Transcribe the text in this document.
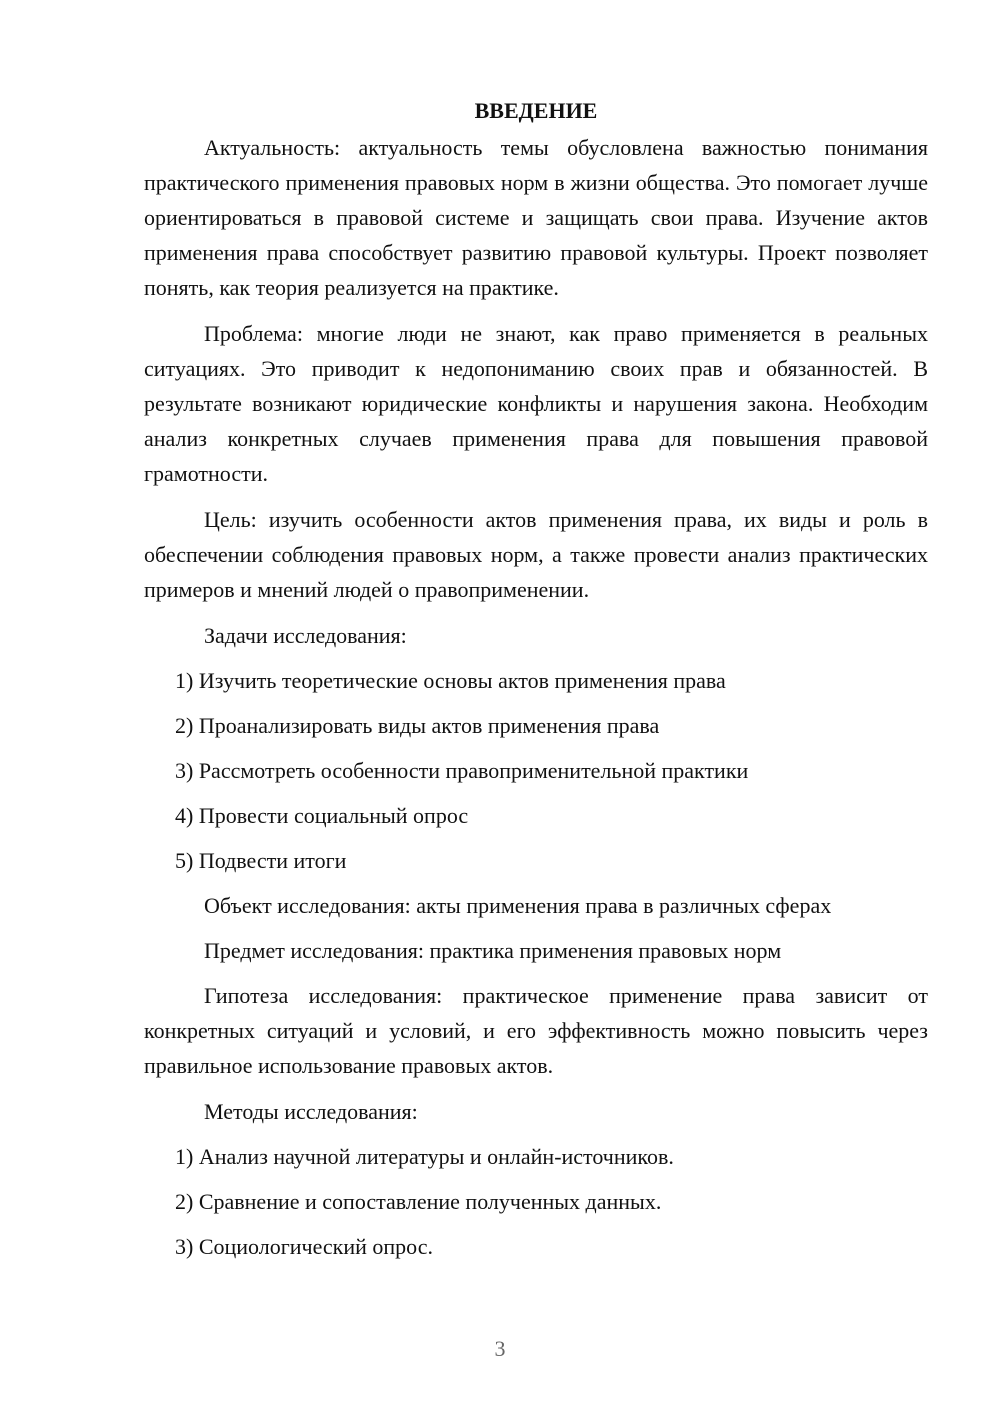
ВВЕДЕНИЕ

Актуальность: актуальность темы обусловлена важностью понимания практического применения правовых норм в жизни общества. Это помогает лучше ориентироваться в правовой системе и защищать свои права. Изучение актов применения права способствует развитию правовой культуры. Проект позволяет понять, как теория реализуется на практике.

Проблема: многие люди не знают, как право применяется в реальных ситуациях. Это приводит к недопониманию своих прав и обязанностей. В результате возникают юридические конфликты и нарушения закона. Необходим анализ конкретных случаев применения права для повышения правовой грамотности.

Цель: изучить особенности актов применения права, их виды и роль в обеспечении соблюдения правовых норм, а также провести анализ практических примеров и мнений людей о правоприменении.

Задачи исследования:
1) Изучить теоретические основы актов применения права
2) Проанализировать виды актов применения права
3) Рассмотреть особенности правоприменительной практики
4) Провести социальный опрос
5) Подвести итоги
Объект исследования: акты применения права в различных сферах
Предмет исследования: практика применения правовых норм

Гипотеза исследования: практическое применение права зависит от конкретных ситуаций и условий, и его эффективность можно повысить через правильное использование правовых актов.

Методы исследования:
1) Анализ научной литературы и онлайн-источников.
2) Сравнение и сопоставление полученных данных.
3) Социологический опрос.
3
